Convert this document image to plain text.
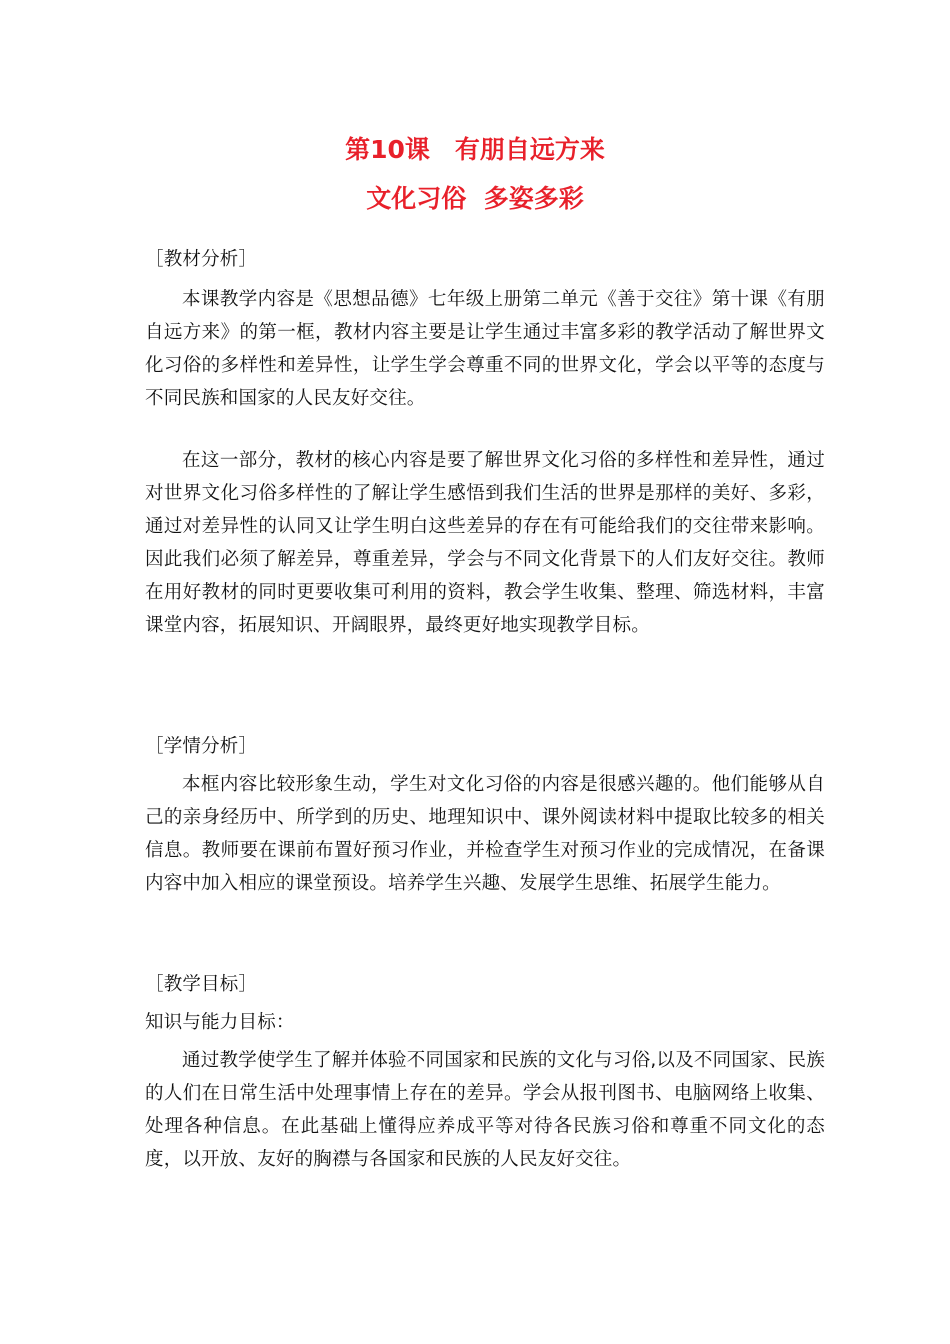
第10课　有朋自远方来
文化习俗  多姿多彩
［教材分析］
本课教学内容是《思想品德》七年级上册第二单元《善于交往》第十课《有朋自远方来》的第一框，教材内容主要是让学生通过丰富多彩的教学活动了解世界文化习俗的多样性和差异性，让学生学会尊重不同的世界文化，学会以平等的态度与不同民族和国家的人民友好交往。
在这一部分，教材的核心内容是要了解世界文化习俗的多样性和差异性，通过对世界文化习俗多样性的了解让学生感悟到我们生活的世界是那样的美好、多彩，通过对差异性的认同又让学生明白这些差异的存在有可能给我们的交往带来影响。因此我们必须了解差异，尊重差异，学会与不同文化背景下的人们友好交往。教师在用好教材的同时更要收集可利用的资料，教会学生收集、整理、筛选材料，丰富课堂内容，拓展知识、开阔眼界，最终更好地实现教学目标。
［学情分析］
本框内容比较形象生动，学生对文化习俗的内容是很感兴趣的。他们能够从自己的亲身经历中、所学到的历史、地理知识中、课外阅读材料中提取比较多的相关信息。教师要在课前布置好预习作业，并检查学生对预习作业的完成情况，在备课内容中加入相应的课堂预设。培养学生兴趣、发展学生思维、拓展学生能力。
［教学目标］
知识与能力目标：
通过教学使学生了解并体验不同国家和民族的文化与习俗,以及不同国家、民族的人们在日常生活中处理事情上存在的差异。学会从报刊图书、电脑网络上收集、处理各种信息。在此基础上懂得应养成平等对待各民族习俗和尊重不同文化的态度，以开放、友好的胸襟与各国家和民族的人民友好交往。
